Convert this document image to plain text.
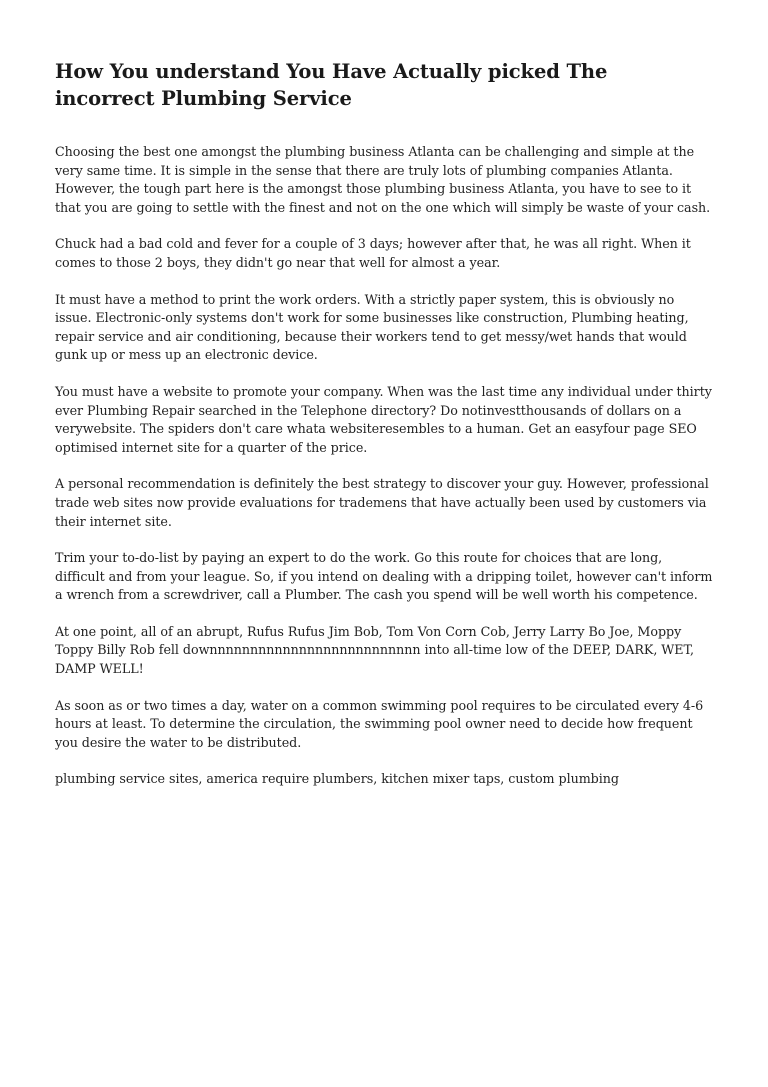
How You understand You Have Actually picked The incorrect Plumbing Service

Choosing the best one amongst the plumbing business Atlanta can be challenging and simple at the very same time. It is simple in the sense that there are truly lots of plumbing companies Atlanta. However, the tough part here is the amongst those plumbing business Atlanta, you have to see to it that you are going to settle with the finest and not on the one which will simply be waste of your cash.

Chuck had a bad cold and fever for a couple of 3 days; however after that, he was all right. When it comes to those 2 boys, they didn't go near that well for almost a year.

It must have a method to print the work orders. With a strictly paper system, this is obviously no issue. Electronic-only systems don't work for some businesses like construction, Plumbing heating, repair service and air conditioning, because their workers tend to get messy/wet hands that would gunk up or mess up an electronic device.

You must have a website to promote your company. When was the last time any individual under thirty ever Plumbing Repair searched in the Telephone directory? Do notinvestthousands of dollars on a verywebsite. The spiders don't care whata websiteresembles to a human. Get an easyfour page SEO optimised internet site for a quarter of the price.

A personal recommendation is definitely the best strategy to discover your guy. However, professional trade web sites now provide evaluations for trademens that have actually been used by customers via their internet site.

Trim your to-do-list by paying an expert to do the work. Go this route for choices that are long, difficult and from your league. So, if you intend on dealing with a dripping toilet, however can't inform a wrench from a screwdriver, call a Plumber. The cash you spend will be well worth his competence.

At one point, all of an abrupt, Rufus Rufus Jim Bob, Tom Von Corn Cob, Jerry Larry Bo Joe, Moppy Toppy Billy Rob fell downnnnnnnnnnnnnnnnnnnnnnnnnn into all-time low of the DEEP, DARK, WET, DAMP WELL!

As soon as or two times a day, water on a common swimming pool requires to be circulated every 4-6 hours at least. To determine the circulation, the swimming pool owner need to decide how frequent you desire the water to be distributed.

plumbing service sites, america require plumbers, kitchen mixer taps, custom plumbing
